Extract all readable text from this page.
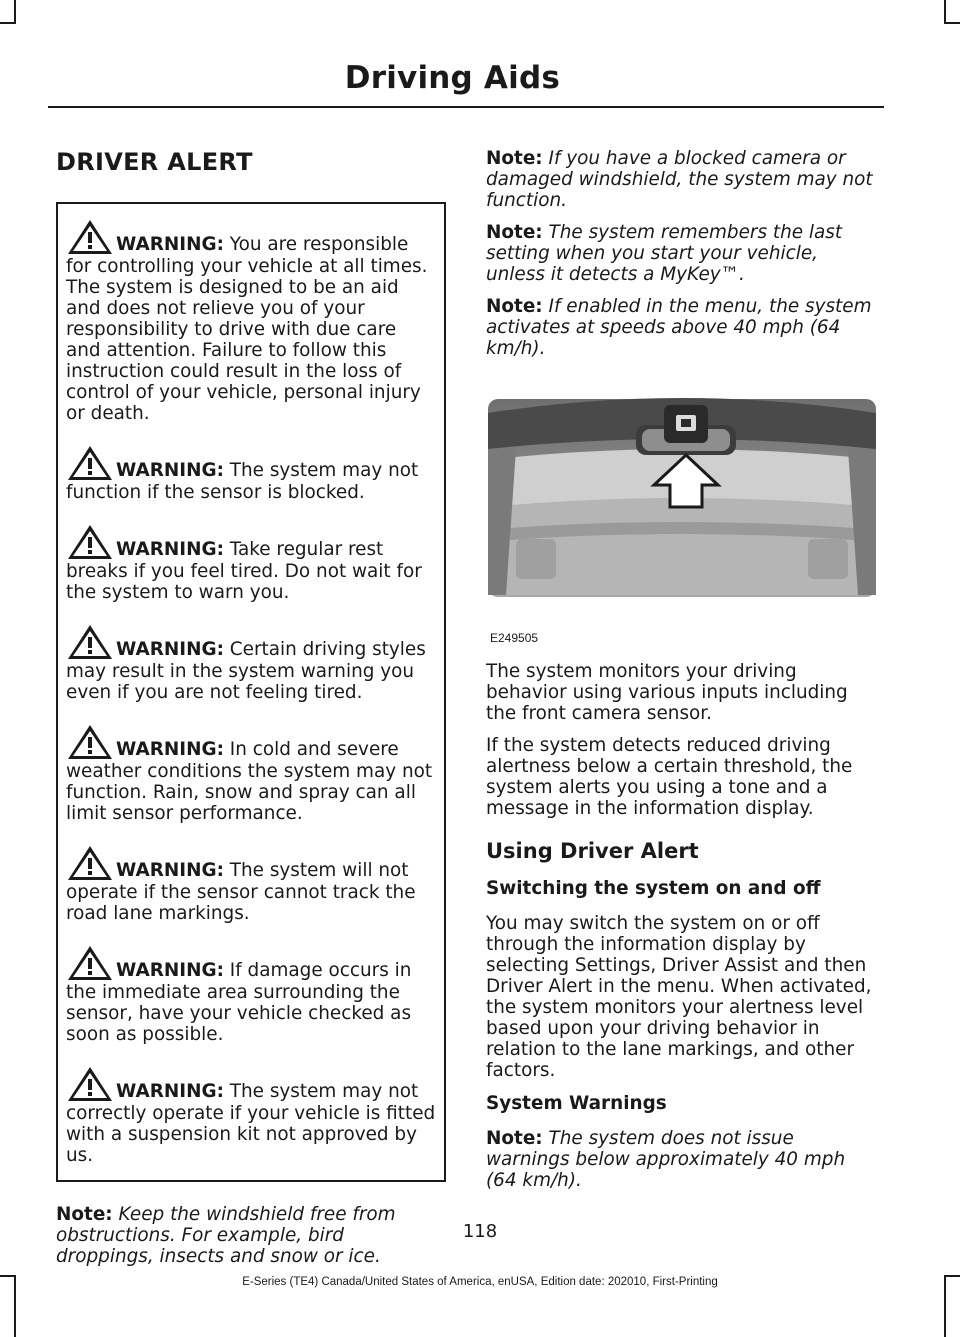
Driving Aids
DRIVER ALERT
WARNING: You are responsible for controlling your vehicle at all times. The system is designed to be an aid and does not relieve you of your responsibility to drive with due care and attention. Failure to follow this instruction could result in the loss of control of your vehicle, personal injury or death.
WARNING: The system may not function if the sensor is blocked.
WARNING: Take regular rest breaks if you feel tired. Do not wait for the system to warn you.
WARNING: Certain driving styles may result in the system warning you even if you are not feeling tired.
WARNING: In cold and severe weather conditions the system may not function. Rain, snow and spray can all limit sensor performance.
WARNING: The system will not operate if the sensor cannot track the road lane markings.
WARNING: If damage occurs in the immediate area surrounding the sensor, have your vehicle checked as soon as possible.
WARNING: The system may not correctly operate if your vehicle is fitted with a suspension kit not approved by us.

Note: Keep the windshield free from obstructions. For example, bird droppings, insects and snow or ice.

Note: If you have a blocked camera or damaged windshield, the system may not function.

Note: The system remembers the last setting when you start your vehicle, unless it detects a MyKey™.

Note: If enabled in the menu, the system activates at speeds above 40 mph (64 km/h).

E249505

The system monitors your driving behavior using various inputs including the front camera sensor.

If the system detects reduced driving alertness below a certain threshold, the system alerts you using a tone and a message in the information display.

Using Driver Alert
Switching the system on and off

You may switch the system on or off through the information display by selecting Settings, Driver Assist and then Driver Alert in the menu. When activated, the system monitors your alertness level based upon your driving behavior in relation to the lane markings, and other factors.

System Warnings

Note: The system does not issue warnings below approximately 40 mph (64 km/h).

118
E-Series (TE4) Canada/United States of America, enUSA, Edition date: 202010, First-Printing
